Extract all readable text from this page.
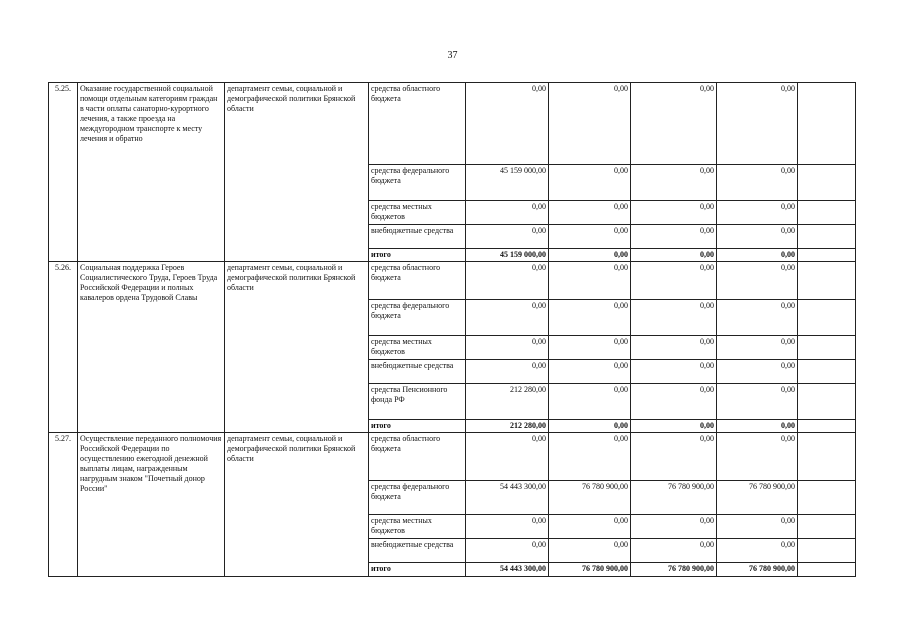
37
5.25.	Оказание государственной социальной помощи отдельным категориям граждан в части оплаты санаторно-курортного лечения, а также проезда на междугородном транспорте к месту лечения и обратно	департамент семьи, социальной и демографической политики Брянской области	средства областного бюджета	0,00	0,00	0,00	0,00	
			средства федерального бюджета	45 159 000,00	0,00	0,00	0,00	
			средства местных бюджетов	0,00	0,00	0,00	0,00	
			внебюджетные средства	0,00	0,00	0,00	0,00	
			итого	45 159 000,00	0,00	0,00	0,00	
5.26.	Социальная поддержка Героев Социалистического Труда, Героев Труда Российской Федерации и полных кавалеров ордена Трудовой Славы	департамент семьи, социальной и демографической политики Брянской области	средства областного бюджета	0,00	0,00	0,00	0,00	
			средства федерального бюджета	0,00	0,00	0,00	0,00	
			средства местных бюджетов	0,00	0,00	0,00	0,00	
			внебюджетные средства	0,00	0,00	0,00	0,00	
			средства Пенсионного фонда РФ	212 280,00	0,00	0,00	0,00	
			итого	212 280,00	0,00	0,00	0,00	
5.27.	Осуществление переданного полномочия Российской Федерации по осуществлению ежегодной денежной выплаты лицам, награжденным нагрудным знаком "Почетный донор России"	департамент семьи, социальной и демографической политики Брянской области	средства областного бюджета	0,00	0,00	0,00	0,00	
			средства федерального бюджета	54 443 300,00	76 780 900,00	76 780 900,00	76 780 900,00	
			средства местных бюджетов	0,00	0,00	0,00	0,00	
			внебюджетные средства	0,00	0,00	0,00	0,00	
			итого	54 443 300,00	76 780 900,00	76 780 900,00	76 780 900,00	
